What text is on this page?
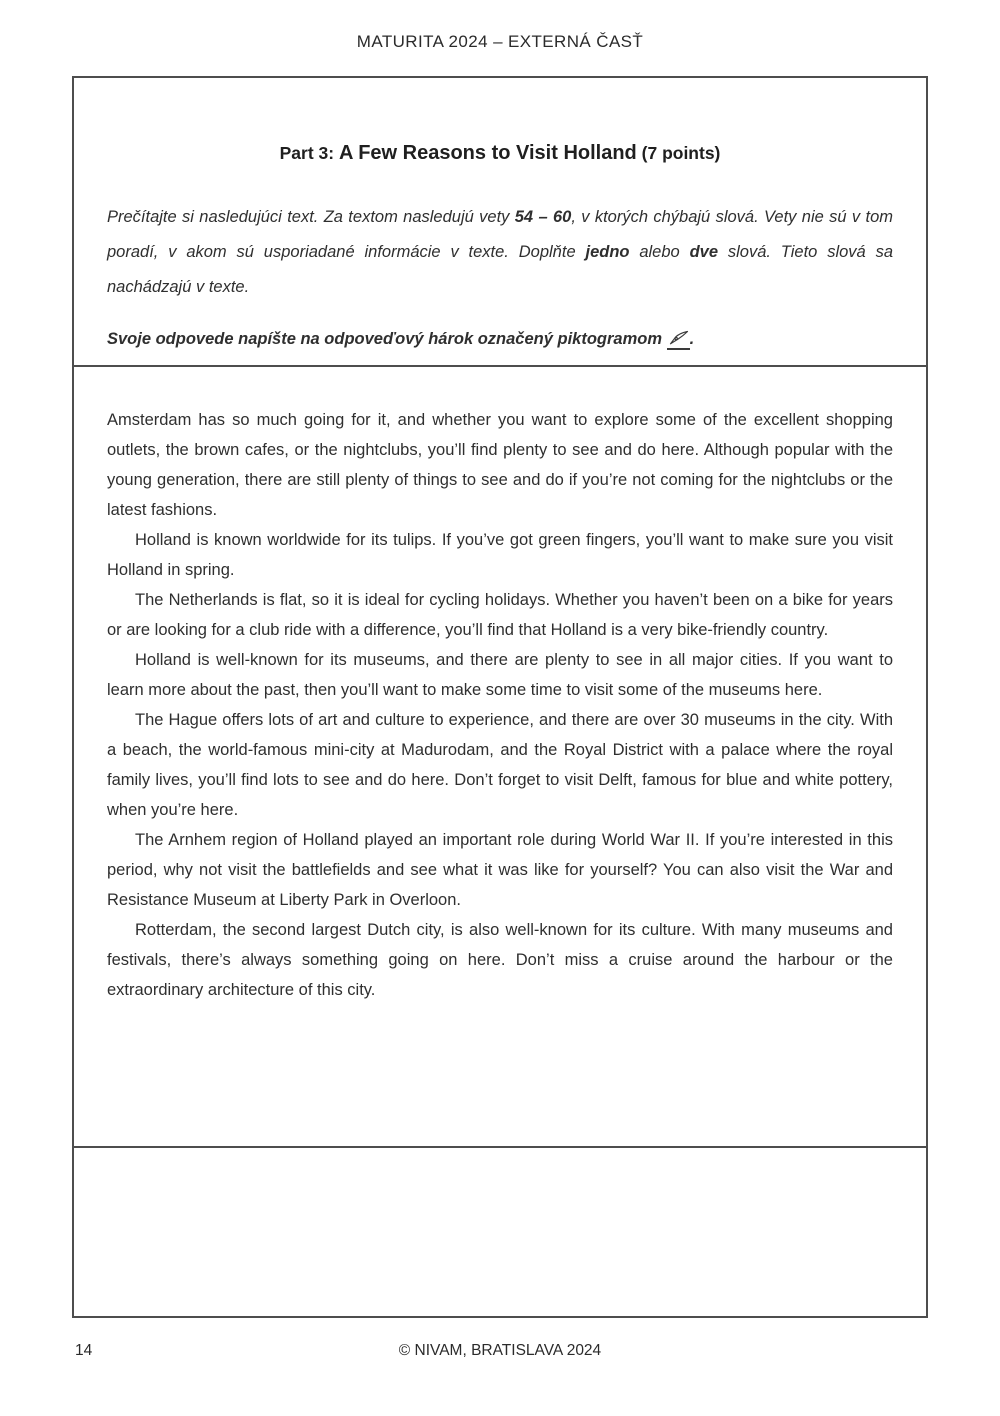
MATURITA 2024 – EXTERNÁ ČASŤ
Part 3: A Few Reasons to Visit Holland (7 points)

Prečítajte si nasledujúci text. Za textom nasledujú vety 54 – 60, v ktorých chýbajú slová. Vety nie sú v tom poradí, v akom sú usporiadané informácie v texte. Doplňte jedno alebo dve slová. Tieto slová sa nachádzajú v texte.

Svoje odpovede napíšte na odpoveďový hárok označený piktogramom .

Amsterdam has so much going for it, and whether you want to explore some of the excellent shopping outlets, the brown cafes, or the nightclubs, you’ll find plenty to see and do here. Although popular with the young generation, there are still plenty of things to see and do if you’re not coming for the nightclubs or the latest fashions.

Holland is known worldwide for its tulips. If you’ve got green fingers, you’ll want to make sure you visit Holland in spring.

The Netherlands is flat, so it is ideal for cycling holidays. Whether you haven’t been on a bike for years or are looking for a club ride with a difference, you’ll find that Holland is a very bike-friendly country.

Holland is well-known for its museums, and there are plenty to see in all major cities. If you want to learn more about the past, then you’ll want to make some time to visit some of the museums here.

The Hague offers lots of art and culture to experience, and there are over 30 museums in the city. With a beach, the world-famous mini-city at Madurodam, and the Royal District with a palace where the royal family lives, you’ll find lots to see and do here. Don’t forget to visit Delft, famous for blue and white pottery, when you’re here.

The Arnhem region of Holland played an important role during World War II. If you’re interested in this period, why not visit the battlefields and see what it was like for yourself? You can also visit the War and Resistance Museum at Liberty Park in Overloon.

Rotterdam, the second largest Dutch city, is also well-known for its culture. With many museums and festivals, there’s always something going on here. Don’t miss a cruise around the harbour or the extraordinary architecture of this city.

14	© NIVAM, BRATISLAVA 2024
